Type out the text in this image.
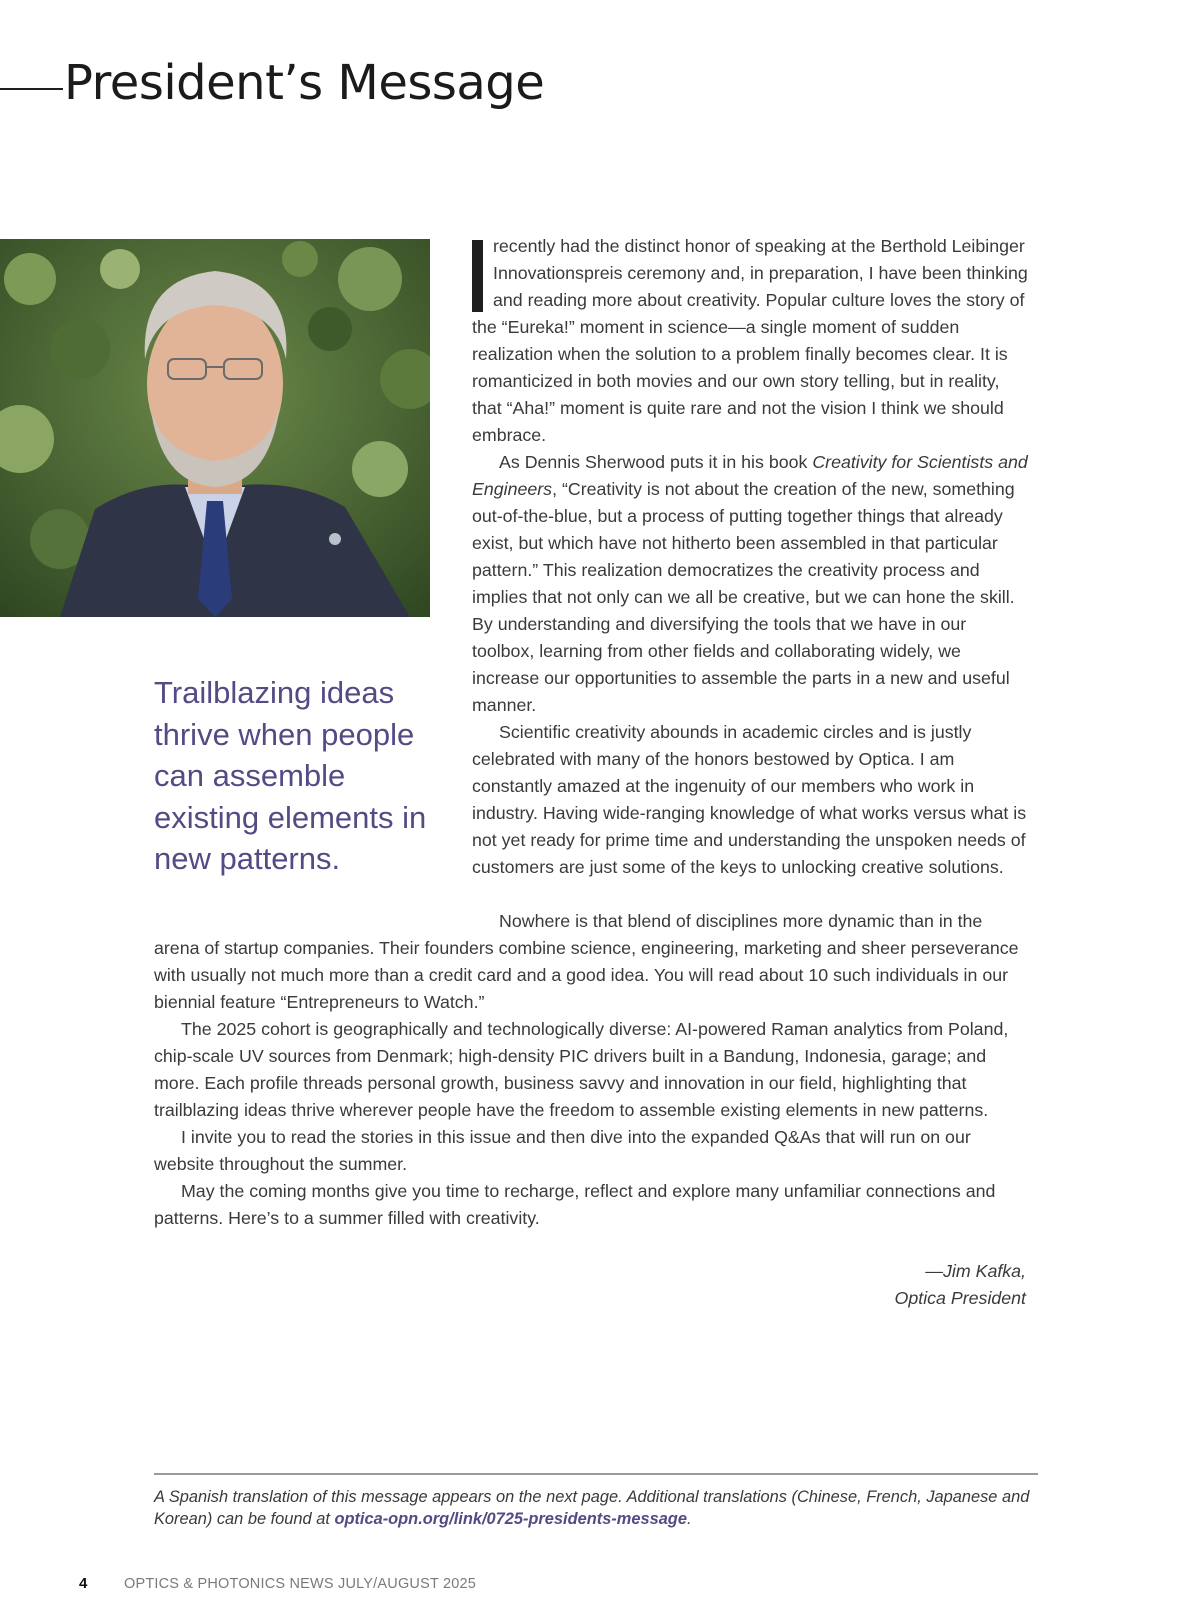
President’s Message

Trailblazing ideas thrive when people can assemble existing elements in new patterns.

recently had the distinct honor of speaking at the Berthold Leibinger Innovationspreis ceremony and, in preparation, I have been thinking and reading more about creativity. Popular culture loves the story of the “Eureka!” moment in science—a single moment of sudden realization when the solution to a problem finally becomes clear. It is romanticized in both movies and our own story telling, but in reality, that “Aha!” moment is quite rare and not the vision I think we should embrace.

As Dennis Sherwood puts it in his book Creativity for Scientists and Engineers, “Creativity is not about the creation of the new, something out-of-the-blue, but a process of putting together things that already exist, but which have not hitherto been assembled in that particular pattern.” This realization democratizes the creativity process and implies that not only can we all be creative, but we can hone the skill. By understanding and diversifying the tools that we have in our toolbox, learning from other fields and collaborating widely, we increase our opportunities to assemble the parts in a new and useful manner.

Scientific creativity abounds in academic circles and is justly celebrated with many of the honors bestowed by Optica. I am constantly amazed at the ingenuity of our members who work in industry. Having wide-ranging knowledge of what works versus what is not yet ready for prime time and understanding the unspoken needs of customers are just some of the keys to unlocking creative solutions.

Nowhere is that blend of disciplines more dynamic than in the arena of startup companies. Their founders combine science, engineering, marketing and sheer perseverance with usually not much more than a credit card and a good idea. You will read about 10 such individuals in our biennial feature “Entrepreneurs to Watch.”

The 2025 cohort is geographically and technologically diverse: AI-powered Raman analytics from Poland, chip-scale UV sources from Denmark; high-density PIC drivers built in a Bandung, Indonesia, garage; and more. Each profile threads personal growth, business savvy and innovation in our field, highlighting that trailblazing ideas thrive wherever people have the freedom to assemble existing elements in new patterns.

I invite you to read the stories in this issue and then dive into the expanded Q&As that will run on our website throughout the summer.

May the coming months give you time to recharge, reflect and explore many unfamiliar connections and patterns. Here’s to a summer filled with creativity.

—Jim Kafka,
Optica President

A Spanish translation of this message appears on the next page. Additional translations (Chinese, French, Japanese and Korean) can be found at optica-opn.org/link/0725-presidents-message.

4	OPTICS & PHOTONICS NEWS JULY/AUGUST 2025
